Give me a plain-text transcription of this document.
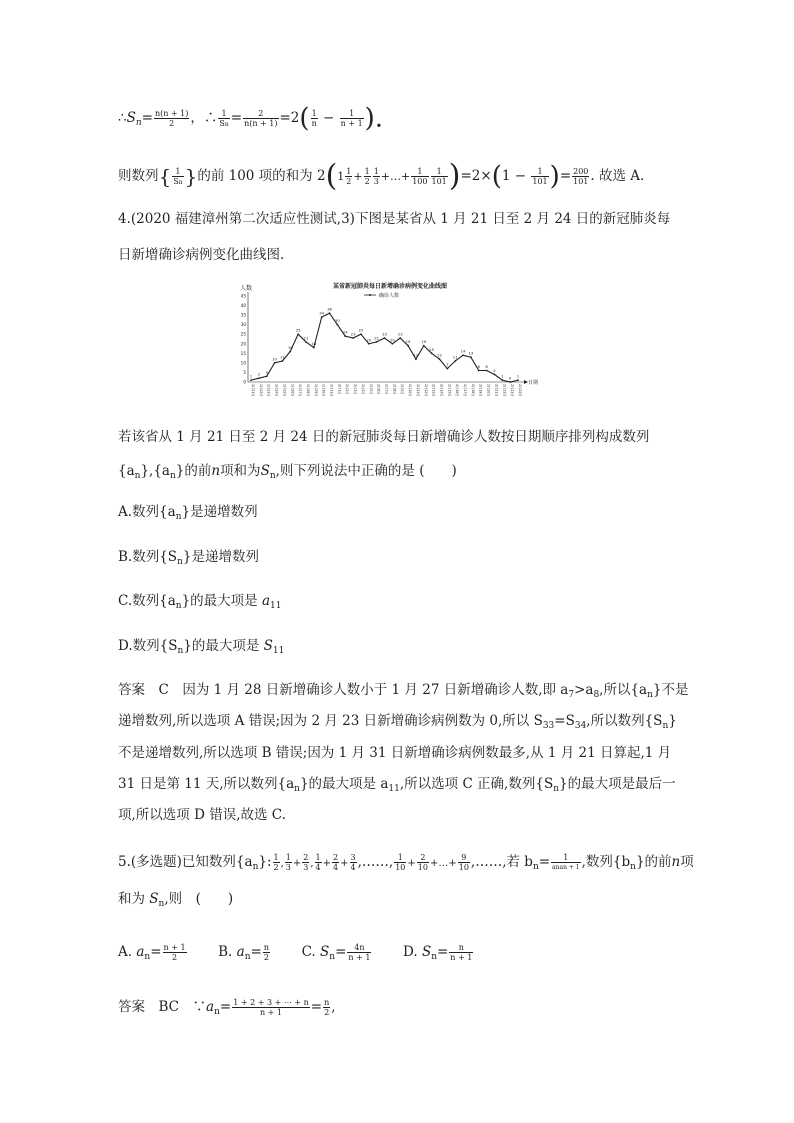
$\therefore S_n= \frac{n(n + 1)}{2}$ ，∴ $\frac{1}{Sn} = \frac{2}{n(n + 1)} =2( \frac{1}{n} - \frac{1}{n + 1}$ ).
则数列{ $\frac{1}{Sn}$ }的前 100 项的和为 $2(1 \frac{1}{2} + \frac{1}{2} \frac{1}{3}$ +…+ $\frac{1}{100} \frac{1}{101} )=2\times(1 - \frac{1}{101}$ )= $\frac{200}{101}$ . 故选 A.
4.(2020 福建漳州第二次适应性测试,3)下图是某省从 1 月 21 日至 2 月 24 日的新冠肺炎每
日新增确诊病例变化曲线图.
某省新冠肺炎每日新增确诊病例变化曲线图
确诊人数
人数
日期
0
5
10
15
20
25
30
35
40
45
1月21日	1月22日	1月23日	1月24日	1月25日	1月26日	1月27日	1月28日	1月29日	1月30日	1月31日	2月1日	2月2日	2月3日	2月4日	2月5日	2月6日	2月7日	2月8日	2月9日	2月10日	2月11日	2月12日	2月13日	2月14日	2月15日	2月16日	2月17日	2月18日	2月19日	2月20日	2月21日	2月22日	2月23日	2月24日
1 2 3
10 11
16
25
21
18
34
36
30
24 23
25
20 21
23
20
23
19
12
19
15
12
7
11
14 13
6 6
4
1 0 1
若该省从 1 月 21 日至 2 月 24 日的新冠肺炎每日新增确诊人数按日期顺序排列构成数列
$\{a_n\},\{a_n\}$的前n项和为$S_n$,则下列说法中正确的是 (　　)
A.数列$\{a_n\}$是递增数列
B.数列$\{S_n\}$是递增数列
C.数列$\{a_n\}$的最大项是 $a_{11}$
D.数列$\{S_n\}$的最大项是 $S_{11}$
答案　C　因为 1 月 28 日新增确诊人数小于 1 月 27 日新增确诊人数,即 $a_7>a_8$,所以$\{a_n\}$不是
递增数列,所以选项 A 错误;因为 2 月 23 日新增确诊病例数为 0,所以 $S_{33}=S_{34}$,所以数列$\{S_n\}$
不是递增数列,所以选项 B 错误;因为 1 月 31 日新增确诊病例数最多,从 1 月 21 日算起,1 月
31 日是第 11 天,所以数列$\{a_n\}$的最大项是 $a_{11}$,所以选项 C 正确,数列$\{S_n\}$的最大项是最后一
项,所以选项 D 错误,故选 C.
5.(多选题)已知数列$\{a_n\}$: $\frac{1}{2}$ , $\frac{1}{3} + \frac{2}{3}$ , $\frac{1}{4} + \frac{2}{4} + \frac{3}{4}$ ,……, $\frac{1}{10} + \frac{2}{10}$ +…+ $\frac{9}{10}$ ,……,若 $b_n= \frac{1}{\text{anan + 1}}$ ,数列$\{b_n\}$的前n项
和为 $S_n$,则　(　　)
A. $a_n= \frac{n + 1}{2} B$. $a_n= \frac{n}{2} C$. $S_n= \frac{4n}{n + 1} D$. $S_n= \frac{n}{n + 1}$
答案　BC　$\because a_n= \frac{1 + 2 + 3 + \cdots + n}{n + 1} = \frac{n}{2}$ ,
